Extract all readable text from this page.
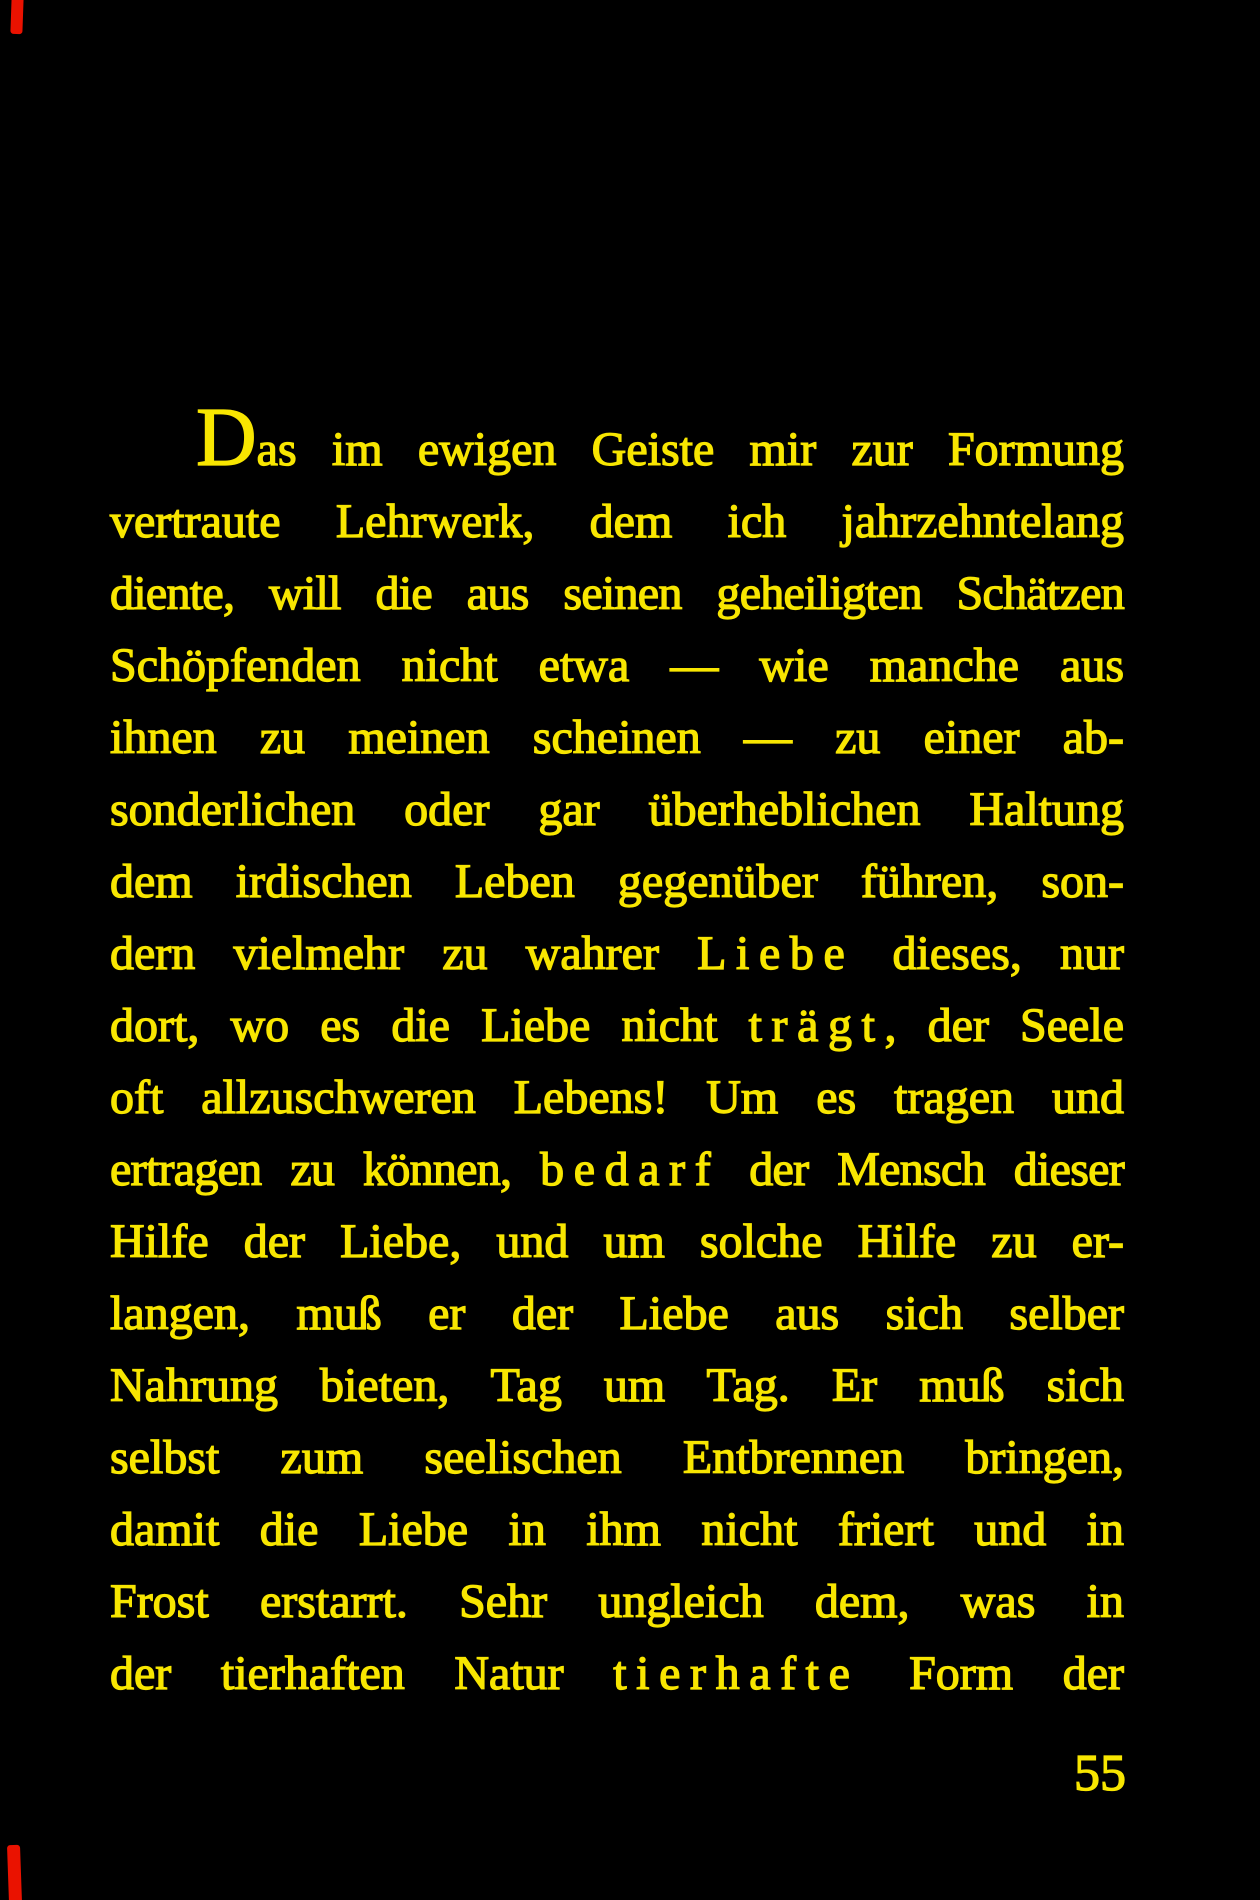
Das im ewigen Geiste mir zur Formung
vertraute Lehrwerk, dem ich jahrzehntelang
diente, will die aus seinen geheiligten Schätzen
Schöpfenden nicht etwa — wie manche aus
ihnen zu meinen scheinen — zu einer ab-
sonderlichen oder gar überheblichen Haltung
dem irdischen Leben gegenüber führen, son-
dern vielmehr zu wahrer Liebe dieses, nur
dort, wo es die Liebe nicht trägt, der Seele
oft allzuschweren Lebens! Um es tragen und
ertragen zu können, bedarf der Mensch dieser
Hilfe der Liebe, und um solche Hilfe zu er-
langen, muß er der Liebe aus sich selber
Nahrung bieten, Tag um Tag. Er muß sich
selbst zum seelischen Entbrennen bringen,
damit die Liebe in ihm nicht friert und in
Frost erstarrt. Sehr ungleich dem, was in
der tierhaften Natur tierhafte Form der
55
